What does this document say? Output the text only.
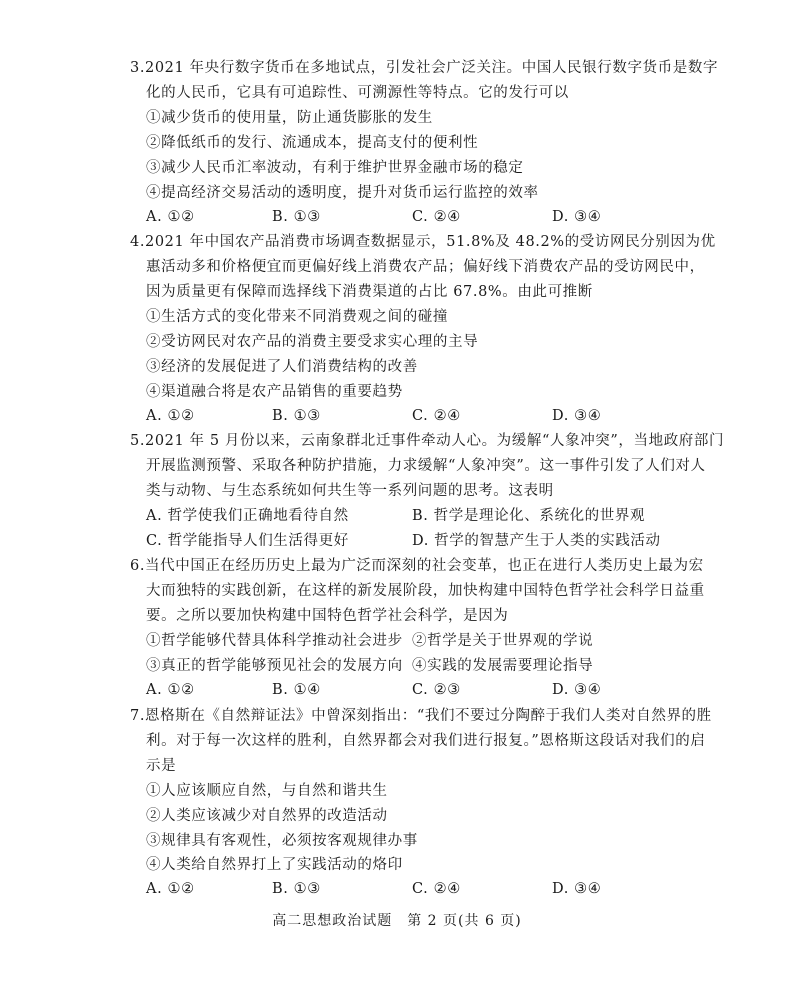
3.2021 年央行数字货币在多地试点，引发社会广泛关注。中国人民银行数字货币是数字
化的人民币，它具有可追踪性、可溯源性等特点。它的发行可以
①减少货币的使用量，防止通货膨胀的发生
②降低纸币的发行、流通成本，提高支付的便利性
③减少人民币汇率波动，有利于维护世界金融市场的稳定
④提高经济交易活动的透明度，提升对货币运行监控的效率
A. ①②	B. ①③	C. ②④	D. ③④
4.2021 年中国农产品消费市场调查数据显示，51.8%及 48.2%的受访网民分别因为优
惠活动多和价格便宜而更偏好线上消费农产品；偏好线下消费农产品的受访网民中，
因为质量更有保障而选择线下消费渠道的占比 67.8%。由此可推断
①生活方式的变化带来不同消费观之间的碰撞
②受访网民对农产品的消费主要受求实心理的主导
③经济的发展促进了人们消费结构的改善
④渠道融合将是农产品销售的重要趋势
A. ①②	B. ①③	C. ②④	D. ③④
5.2021 年 5 月份以来，云南象群北迁事件牵动人心。为缓解“人象冲突”，当地政府部门
开展监测预警、采取各种防护措施，力求缓解“人象冲突”。这一事件引发了人们对人
类与动物、与生态系统如何共生等一系列问题的思考。这表明
A. 哲学使我们正确地看待自然	B. 哲学是理论化、系统化的世界观
C. 哲学能指导人们生活得更好	D. 哲学的智慧产生于人类的实践活动
6.当代中国正在经历历史上最为广泛而深刻的社会变革，也正在进行人类历史上最为宏
大而独特的实践创新，在这样的新发展阶段，加快构建中国特色哲学社会科学日益重
要。之所以要加快构建中国特色哲学社会科学，是因为
①哲学能够代替具体科学推动社会进步 ②哲学是关于世界观的学说
③真正的哲学能够预见社会的发展方向 ④实践的发展需要理论指导
A. ①②	B. ①④	C. ②③	D. ③④
7.恩格斯在《自然辩证法》中曾深刻指出：“我们不要过分陶醉于我们人类对自然界的胜
利。对于每一次这样的胜利，自然界都会对我们进行报复。”恩格斯这段话对我们的启
示是
①人应该顺应自然，与自然和谐共生
②人类应该减少对自然界的改造活动
③规律具有客观性，必须按客观规律办事
④人类给自然界打上了实践活动的烙印
A. ①②	B. ①③	C. ②④	D. ③④
高二思想政治试题　第 2 页(共 6 页)
